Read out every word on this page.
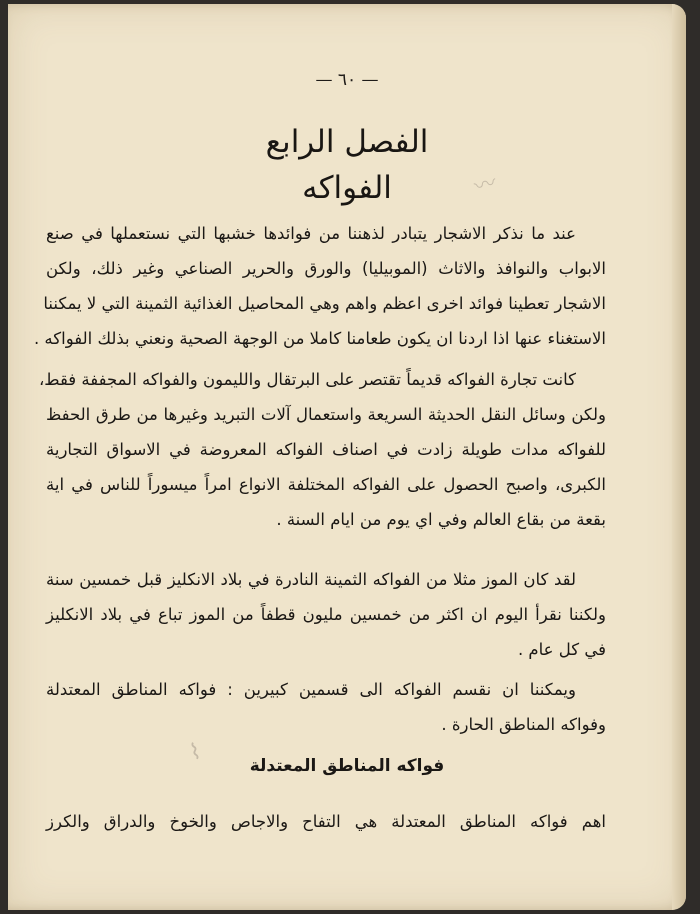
〰
⌇
— ٦٠ —
الفصل الرابع
الفواكه
عند ما نذكر الاشجار يتبادر لذهننا من فوائدها خشبها التي نستعملها في صنع
الابواب والنوافذ والاثاث (الموبيليا) والورق والحرير الصناعي وغير ذلك، ولكن
الاشجار تعطينا فوائد اخرى اعظم واهم وهي المحاصيل الغذائية الثمينة التي لا يمكننا
الاستغناء عنها اذا اردنا ان يكون طعامنا كاملا من الوجهة الصحية ونعني بذلك الفواكه .
كانت تجارة الفواكه قديماً تقتصر على البرتقال والليمون والفواكه المجففة فقط،
ولكن وسائل النقل الحديثة السريعة واستعمال آلات التبريد وغيرها من طرق الحفظ
للفواكه مدات طويلة زادت في اصناف الفواكه المعروضة في الاسواق التجارية
الكبرى، واصبح الحصول على الفواكه المختلفة الانواع امراً ميسوراً للناس في اية
بقعة من بقاع العالم وفي اي يوم من ايام السنة .
لقد كان الموز مثلا من الفواكه الثمينة النادرة في بلاد الانكليز قبل خمسين سنة
ولكننا نقرأ اليوم ان اكثر من خمسين مليون قطفاً من الموز تباع في بلاد الانكليز
في كل عام .
ويمكننا ان نقسم الفواكه الى قسمين كبيرين : فواكه المناطق المعتدلة
وفواكه المناطق الحارة .
فواكه المناطق المعتدلة
اهم فواكه المناطق المعتدلة هي التفاح والاجاص والخوخ والدراق والكرز
